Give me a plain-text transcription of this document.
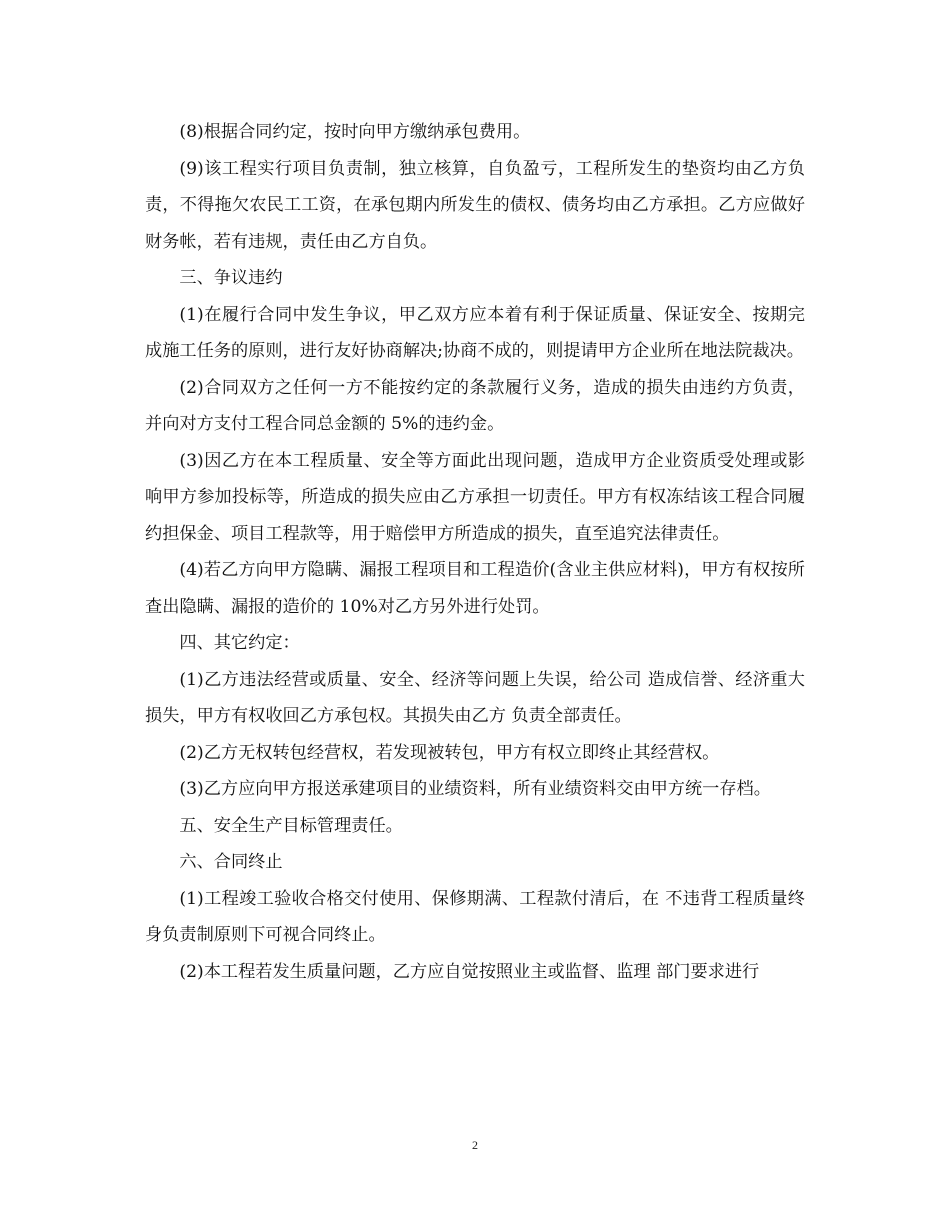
(8)根据合同约定，按时向甲方缴纳承包费用。

(9)该工程实行项目负责制，独立核算，自负盈亏，工程所发生的垫资均由乙方负责，不得拖欠农民工工资，在承包期内所发生的债权、债务均由乙方承担。乙方应做好财务帐，若有违规，责任由乙方自负。

三、争议违约

(1)在履行合同中发生争议，甲乙双方应本着有利于保证质量、保证安全、按期完成施工任务的原则，进行友好协商解决;协商不成的，则提请甲方企业所在地法院裁决。

(2)合同双方之任何一方不能按约定的条款履行义务，造成的损失由违约方负责，并向对方支付工程合同总金额的 5%的违约金。

(3)因乙方在本工程质量、安全等方面此出现问题，造成甲方企业资质受处理或影响甲方参加投标等，所造成的损失应由乙方承担一切责任。甲方有权冻结该工程合同履约担保金、项目工程款等，用于赔偿甲方所造成的损失，直至追究法律责任。

(4)若乙方向甲方隐瞒、漏报工程项目和工程造价(含业主供应材料)，甲方有权按所查出隐瞒、漏报的造价的 10%对乙方另外进行处罚。

四、其它约定：

(1)乙方违法经营或质量、安全、经济等问题上失误，给公司 造成信誉、经济重大损失，甲方有权收回乙方承包权。其损失由乙方 负责全部责任。

(2)乙方无权转包经营权，若发现被转包，甲方有权立即终止其经营权。

(3)乙方应向甲方报送承建项目的业绩资料，所有业绩资料交由甲方统一存档。

五、安全生产目标管理责任。

六、合同终止

(1)工程竣工验收合格交付使用、保修期满、工程款付清后，在 不违背工程质量终身负责制原则下可视合同终止。

(2)本工程若发生质量问题，乙方应自觉按照业主或监督、监理 部门要求进行

2
